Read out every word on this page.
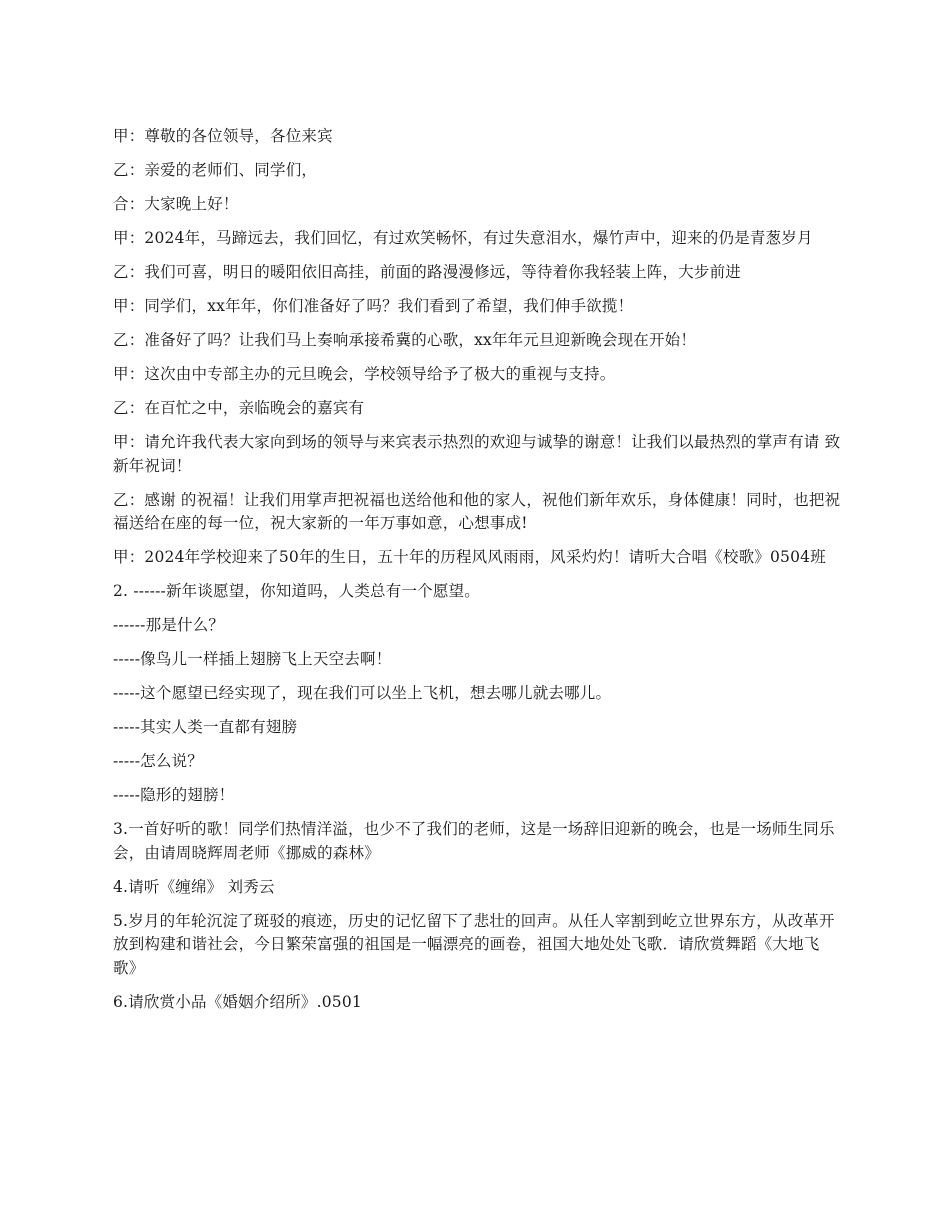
甲：尊敬的各位领导，各位来宾

乙：亲爱的老师们、同学们，

合：大家晚上好！

甲：2024年，马蹄远去，我们回忆，有过欢笑畅怀，有过失意泪水，爆竹声中，迎来的仍是青葱岁月

乙：我们可喜，明日的暖阳依旧高挂，前面的路漫漫修远，等待着你我轻装上阵，大步前进

甲：同学们，xx年年，你们准备好了吗？我们看到了希望，我们伸手欲揽！

乙：准备好了吗？让我们马上奏响承接希冀的心歌，xx年年元旦迎新晚会现在开始！

甲：这次由中专部主办的元旦晚会，学校领导给予了极大的重视与支持。

乙：在百忙之中，亲临晚会的嘉宾有

甲：请允许我代表大家向到场的领导与来宾表示热烈的欢迎与诚挚的谢意！让我们以最热烈的掌声有请 致新年祝词！

乙：感谢 的祝福！让我们用掌声把祝福也送给他和他的家人，祝他们新年欢乐，身体健康！同时，也把祝福送给在座的每一位，祝大家新的一年万事如意，心想事成!

甲：2024年学校迎来了50年的生日，五十年的历程风风雨雨，风采灼灼！请听大合唱《校歌》0504班

2. ------新年谈愿望，你知道吗，人类总有一个愿望。

------那是什么？

-----像鸟儿一样插上翅膀飞上天空去啊！

-----这个愿望已经实现了，现在我们可以坐上飞机，想去哪儿就去哪儿。

-----其实人类一直都有翅膀

-----怎么说？

-----隐形的翅膀！

3.一首好听的歌！同学们热情洋溢，也少不了我们的老师，这是一场辞旧迎新的晚会，也是一场师生同乐会，由请周晓辉周老师《挪威的森林》

4.请听《缠绵》 刘秀云

5.岁月的年轮沉淀了斑驳的痕迹，历史的记忆留下了悲壮的回声。从任人宰割到屹立世界东方，从改革开放到构建和谐社会，今日繁荣富强的祖国是一幅漂亮的画卷，祖国大地处处飞歌．请欣赏舞蹈《大地飞歌》

6.请欣赏小品《婚姻介绍所》.0501
